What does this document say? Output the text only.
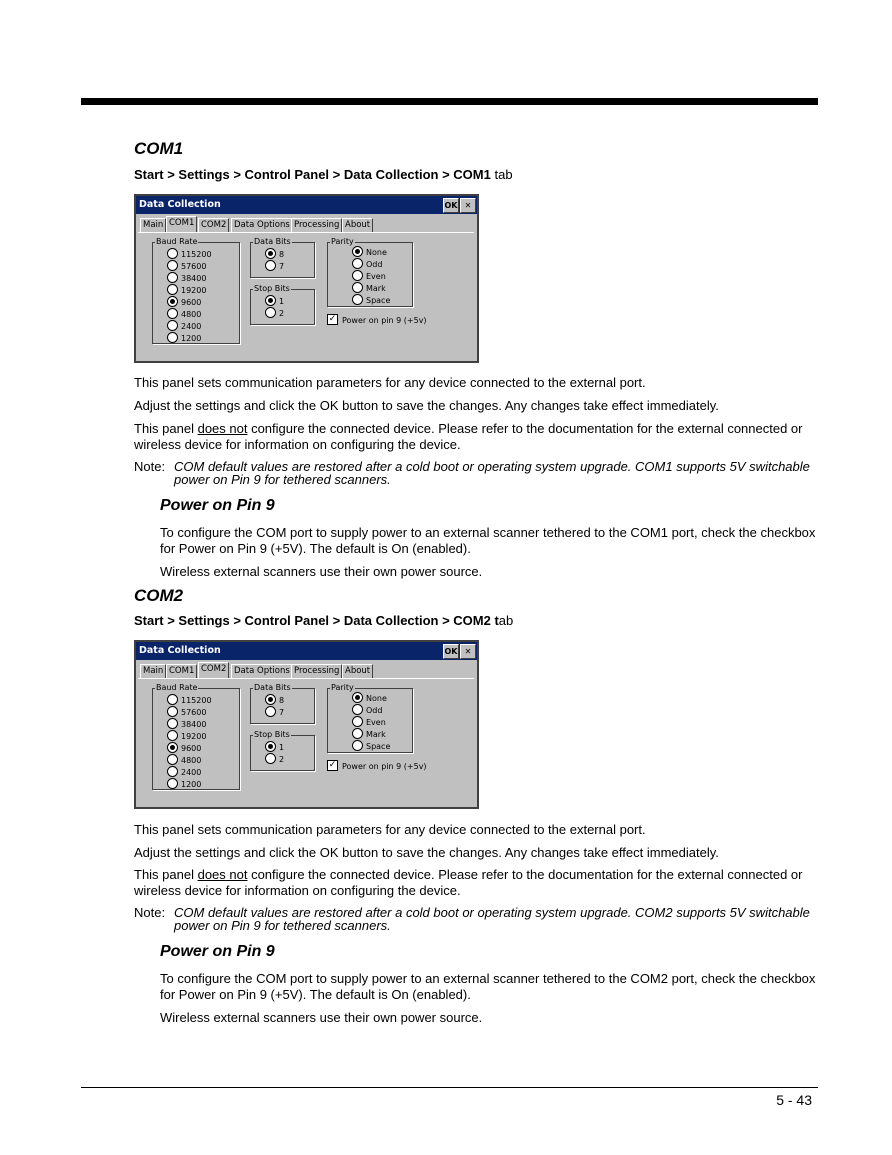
COM1
Start > Settings > Control Panel > Data Collection > COM1 tab
Data Collection	OK ✕
Main COM1 COM2 Data Options Processing About
Baud Rate
115200
57600
38400
19200
9600
4800
2400
1200
Data Bits
8
7
Stop Bits
1
2
Parity
None
Odd
Even
Mark
Space
✓ Power on pin 9 (+5v)
This panel sets communication parameters for any device connected to the external port.
Adjust the settings and click the OK button to save the changes. Any changes take effect immediately.
This panel does not configure the connected device. Please refer to the documentation for the external connected or wireless device for information on configuring the device.
Note: COM default values are restored after a cold boot or operating system upgrade. COM1 supports 5V switchable power on Pin 9 for tethered scanners.
Power on Pin 9
To configure the COM port to supply power to an external scanner tethered to the COM1 port, check the checkbox for Power on Pin 9 (+5V). The default is On (enabled).
Wireless external scanners use their own power source.
COM2
Start > Settings > Control Panel > Data Collection > COM2 tab
Data Collection	OK ✕
Main COM1 COM2 Data Options Processing About
Baud Rate
115200
57600
38400
19200
9600
4800
2400
1200
Data Bits
8
7
Stop Bits
1
2
Parity
None
Odd
Even
Mark
Space
✓ Power on pin 9 (+5v)
This panel sets communication parameters for any device connected to the external port.
Adjust the settings and click the OK button to save the changes. Any changes take effect immediately.
This panel does not configure the connected device. Please refer to the documentation for the external connected or wireless device for information on configuring the device.
Note: COM default values are restored after a cold boot or operating system upgrade. COM2 supports 5V switchable power on Pin 9 for tethered scanners.
Power on Pin 9
To configure the COM port to supply power to an external scanner tethered to the COM2 port, check the checkbox for Power on Pin 9 (+5V). The default is On (enabled).
Wireless external scanners use their own power source.
5 - 43
